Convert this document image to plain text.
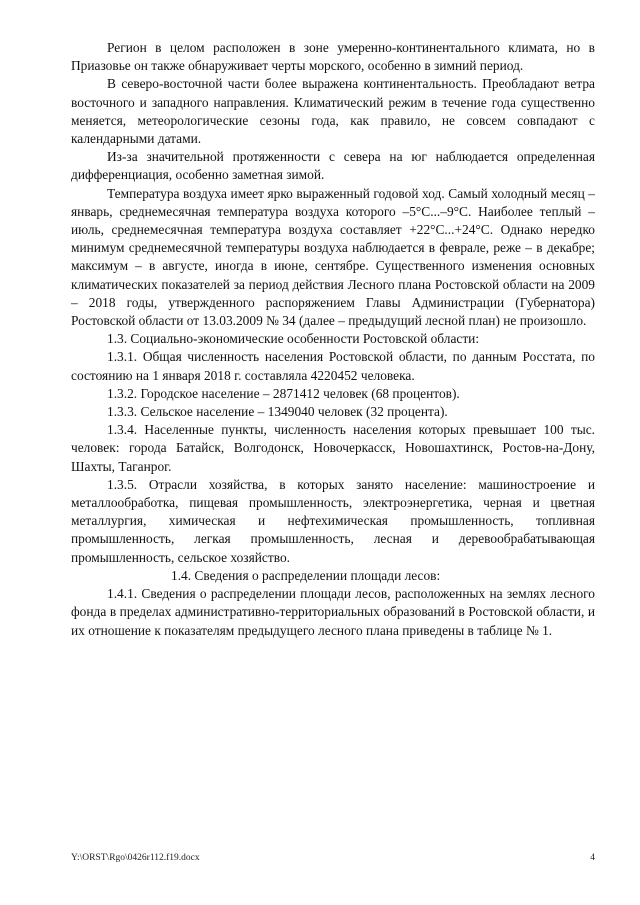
Регион в целом расположен в зоне умеренно-континентального климата, но в Приазовье он также обнаруживает черты морского, особенно в зимний период.

В северо-восточной части более выражена континентальность. Преобладают ветра восточного и западного направления. Климатический режим в течение года существенно меняется, метеорологические сезоны года, как правило, не совсем совпадают с календарными датами.

Из-за значительной протяженности с севера на юг наблюдается определенная дифференциация, особенно заметная зимой.

Температура воздуха имеет ярко выраженный годовой ход. Самый холодный месяц – январь, среднемесячная температура воздуха которого –5°С...–9°С. Наиболее теплый – июль, среднемесячная температура воздуха составляет +22°С...+24°С. Однако нередко минимум среднемесячной температуры воздуха наблюдается в феврале, реже – в декабре; максимум – в августе, иногда в июне, сентябре. Существенного изменения основных климатических показателей за период действия Лесного плана Ростовской области на 2009 – 2018 годы, утвержденного распоряжением Главы Администрации (Губернатора) Ростовской области от 13.03.2009 № 34 (далее – предыдущий лесной план) не произошло.

1.3. Социально-экономические особенности Ростовской области:

1.3.1. Общая численность населения Ростовской области, по данным Росстата, по состоянию на 1 января 2018 г. составляла 4220452 человека.

1.3.2. Городское население – 2871412 человек (68 процентов).

1.3.3. Сельское население – 1349040 человек (32 процента).

1.3.4. Населенные пункты, численность населения которых превышает 100 тыс. человек: города Батайск, Волгодонск, Новочеркасск, Новошахтинск, Ростов-на-Дону, Шахты, Таганрог.

1.3.5. Отрасли хозяйства, в которых занято население: машиностроение и металлообработка, пищевая промышленность, электроэнергетика, черная и цветная металлургия, химическая и нефтехимическая промышленность, топливная промышленность, легкая промышленность, лесная и деревообрабатывающая промышленность, сельское хозяйство.

1.4. Сведения о распределении площади лесов:

1.4.1. Сведения о распределении площади лесов, расположенных на землях лесного фонда в пределах административно-территориальных образований в Ростовской области, и их отношение к показателям предыдущего лесного плана приведены в таблице № 1.

Y:\ORST\Rgo\0426r112.f19.docx	4
